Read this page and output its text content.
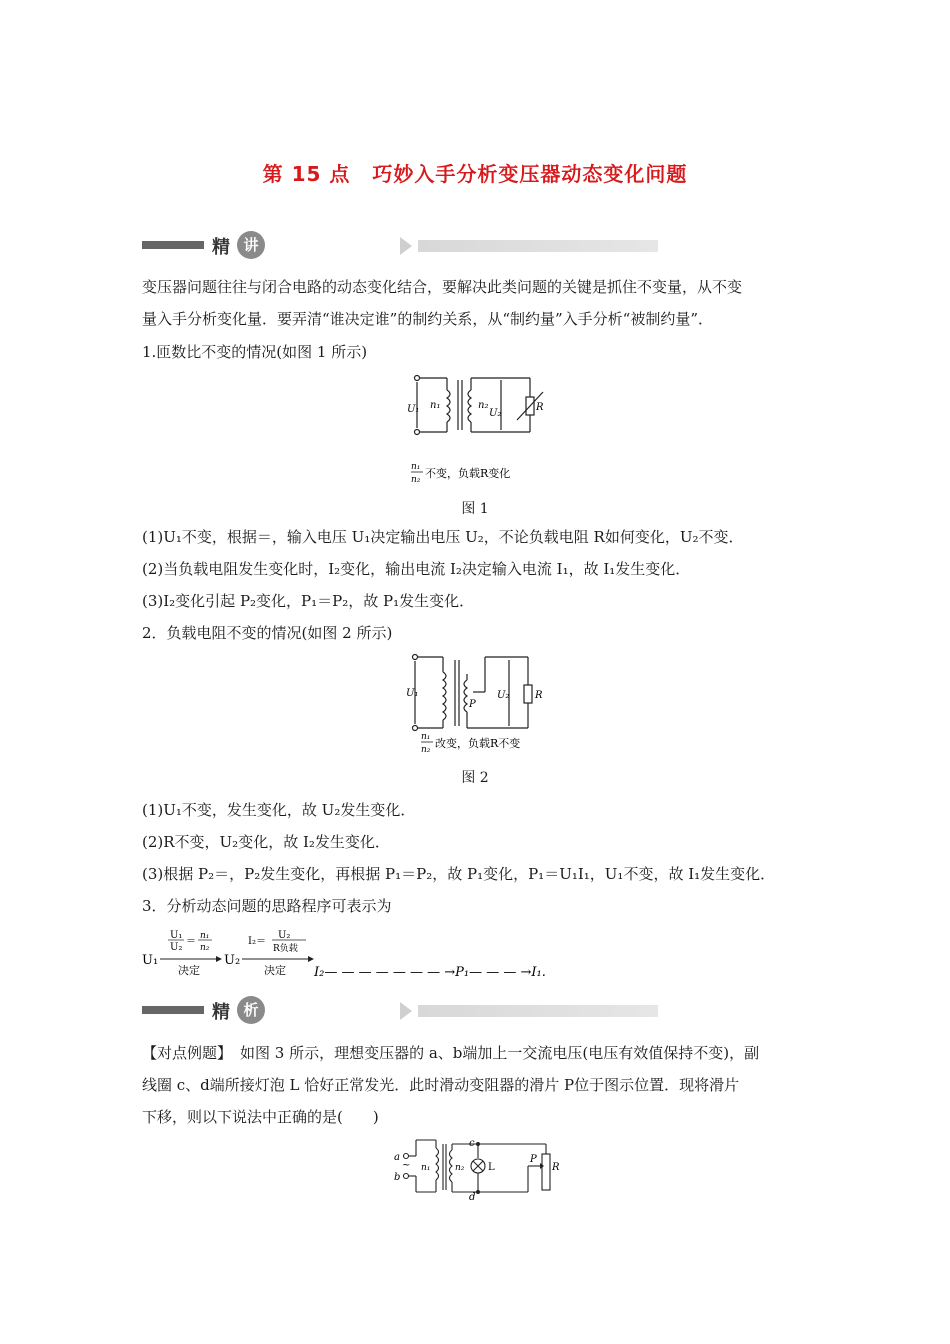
第 15 点 巧妙入手分析变压器动态变化问题
精 讲
变压器问题往往与闭合电路的动态变化结合，要解决此类问题的关键是抓住不变量，从不变
量入手分析变化量．要弄清“谁决定谁”的制约关系，从“制约量”入手分析“被制约量”．
1.匝数比不变的情况(如图 1 所示)
U₁ n₁	n₂
U₂
R
n₁
n₂ 不变，负载R变化
图 1
(1)U₁不变，根据＝，输入电压 U₁决定输出电压 U₂，不论负载电阻 R如何变化，U₂不变．
(2)当负载电阻发生变化时，I₂变化，输出电流 I₂决定输入电流 I₁，故 I₁发生变化．
(3)I₂变化引起 P₂变化，P₁＝P₂，故 P₁发生变化．
2．负载电阻不变的情况(如图 2 所示)
U₁
P
U₂	R
n₁
n₂ 改变，负载R不变
图 2
(1)U₁不变，发生变化，故 U₂发生变化．
(2)R不变，U₂变化，故 I₂发生变化．
(3)根据 P₂＝，P₂发生变化，再根据 P₁＝P₂，故 P₁变化，P₁＝U₁I₁，U₁不变，故 I₁发生变化．
3．分析动态问题的思路程序可表示为
U₁
U₁
U₂
＝ n₁
n₂
决定
U₂
I₂＝
U₂
R负载
决定 I₂— — — — — — — →P₁— — — →I₁.
精 析
【对点例题】 如图 3 所示，理想变压器的 a、b端加上一交流电压(电压有效值保持不变)，副
线圈 c、d端所接灯泡 L 恰好正常发光．此时滑动变阻器的滑片 P位于图示位置．现将滑片
下移，则以下说法中正确的是(　　)
a
~
b
n₁	n₂
c
d
L
P
R
